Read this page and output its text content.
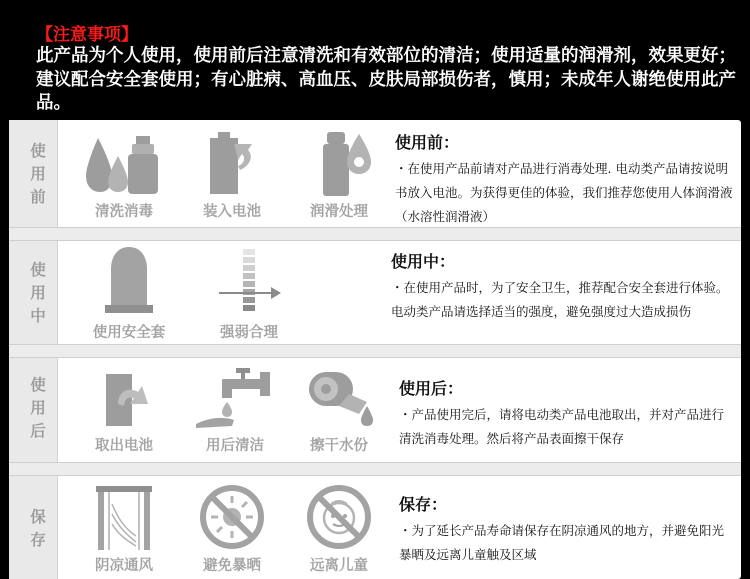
【注意事项】
此产品为个人使用，使用前后注意清洗和有效部位的清洁；使用适量的润滑剂，效果更好；建议配合安全套使用；有心脏病、高血压、皮肤局部损伤者，慎用；未成年人谢绝使用此产品。
使
用
前
清洗消毒	装入电池	润滑处理
使用前：
・在使用产品前请对产品进行消毒处理. 电动类产品请按说明书放入电池。为获得更佳的体验，我们推荐您使用人体润滑液（水溶性润滑液）
使
用
中
使用安全套	强弱合理
使用中：
・在使用产品时，为了安全卫生，推荐配合安全套进行体验。电动类产品请选择适当的强度，避免强度过大造成损伤
使
用
后
取出电池	用后清洁	擦干水份
使用后：
・产品使用完后，请将电动类产品电池取出，并对产品进行清洗消毒处理。然后将产品表面擦干保存
保
存
阴凉通风	避免暴晒	远离儿童
保存：
・为了延长产品寿命请保存在阴凉通风的地方，并避免阳光暴晒及远离儿童触及区域
